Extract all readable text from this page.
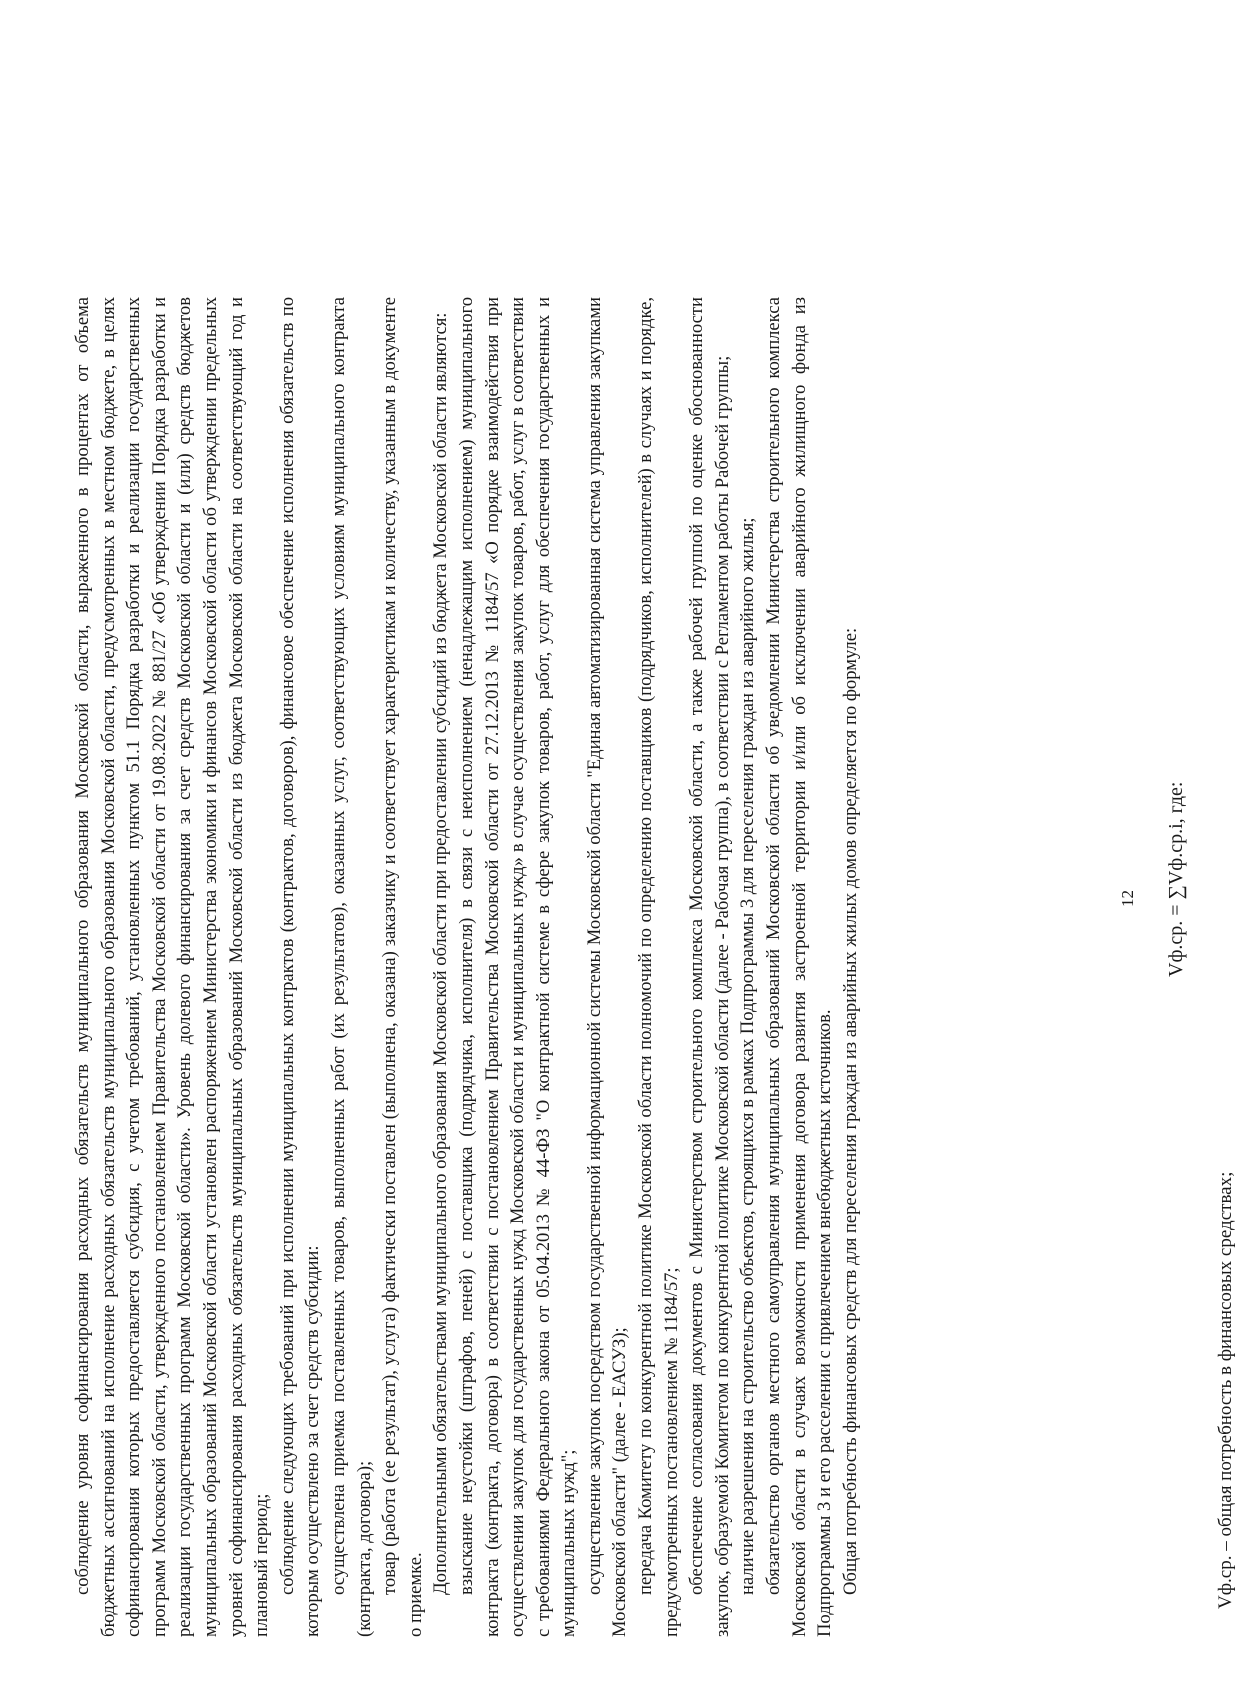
12

соблюдение уровня софинансирования расходных обязательств муниципального образования Московской области, выраженного в процентах от объема бюджетных ассигнований на исполнение расходных обязательств муниципального образования Московской области, предусмотренных в местном бюджете, в целях софинансирования которых предоставляется субсидия, с учетом требований, установленных пунктом 51.1 Порядка разработки и реализации государственных программ Московской области, утвержденного постановлением Правительства Московской области от 19.08.2022 № 881/27 «Об утверждении Порядка разработки и реализации государственных программ Московской области». Уровень долевого финансирования за счет средств Московской области и (или) средств бюджетов муниципальных образований Московской области установлен распоряжением Министерства экономики и финансов Московской области об утверждении предельных уровней софинансирования расходных обязательств муниципальных образований Московской области из бюджета Московской области на соответствующий год и плановый период; соблюдение следующих требований при исполнении муниципальных контрактов (контрактов, договоров), финансовое обеспечение исполнения обязательств по которым осуществлено за счет средств субсидии: осуществлена приемка поставленных товаров, выполненных работ (их результатов), оказанных услуг, соответствующих условиям муниципального контракта (контракта, договора); товар (работа (ее результат), услуга) фактически поставлен (выполнена, оказана) заказчику и соответствует характеристикам и количеству, указанным в документе о приемке. Дополнительными обязательствами муниципального образования Московской области при предоставлении субсидий из бюджета Московской области являются: взыскание неустойки (штрафов, пеней) с поставщика (подрядчика, исполнителя) в связи с неисполнением (ненадлежащим исполнением) муниципального контракта (контракта, договора) в соответствии с постановлением Правительства Московской области от 27.12.2013 № 1184/57 «О порядке взаимодействия при осуществлении закупок для государственных нужд Московской области и муниципальных нужд» в случае осуществления закупок товаров, работ, услуг в соответствии с требованиями Федерального закона от 05.04.2013 № 44-ФЗ "О контрактной системе в сфере закупок товаров, работ, услуг для обеспечения государственных и муниципальных нужд"; осуществление закупок посредством государственной информационной системы Московской области "Единая автоматизированная система управления закупками Московской области" (далее - ЕАСУЗ); передача Комитету по конкурентной политике Московской области полномочий по определению поставщиков (подрядчиков, исполнителей) в случаях и порядке, предусмотренных постановлением № 1184/57; обеспечение согласования документов с Министерством строительного комплекса Московской области, а также рабочей группой по оценке обоснованности закупок, образуемой Комитетом по конкурентной политике Московской области (далее - Рабочая группа), в соответствии с Регламентом работы Рабочей группы; наличие разрешения на строительство объектов, строящихся в рамках Подпрограммы 3 для переселения граждан из аварийного жилья; обязательство органов местного самоуправления муниципальных образований Московской области об уведомлении Министерства строительного комплекса Московской области в случаях возможности применения договора развития застроенной территории и/или об исключении аварийного жилищного фонда из Подпрограммы 3 и его расселении с привлечением внебюджетных источников. Общая потребность финансовых средств для переселения граждан из аварийных жилых домов определяется по формуле:	Vф.ср. = ∑Vф.ср.i, где:

Vф.ср. – общая потребность в финансовых средствах;
